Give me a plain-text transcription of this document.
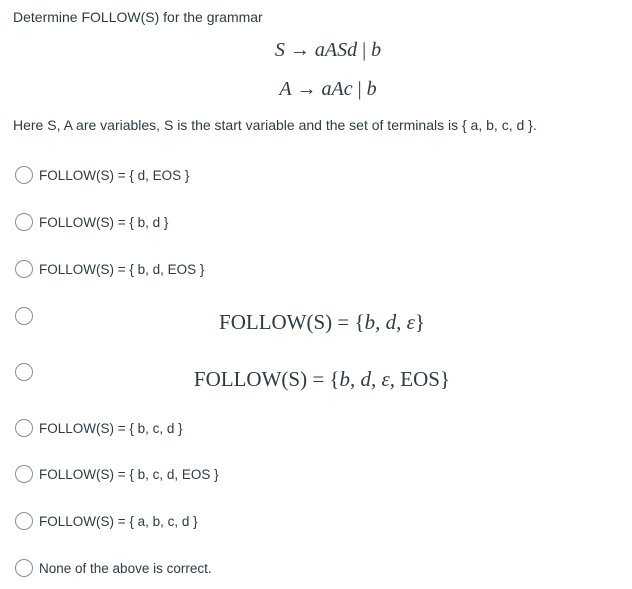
Determine FOLLOW(S) for the grammar
S → aASd | b
A → aAc | b
Here S, A are variables, S is the start variable and the set of terminals is { a, b, c, d }.
FOLLOW(S) = { d, EOS }
FOLLOW(S) = { b, d }
FOLLOW(S) = { b, d, EOS }
FOLLOW(S) = {b, d, ε}
FOLLOW(S) = {b, d, ε, EOS}
FOLLOW(S) = { b, c, d }
FOLLOW(S) = { b, c, d, EOS }
FOLLOW(S) = { a, b, c, d }
None of the above is correct.
